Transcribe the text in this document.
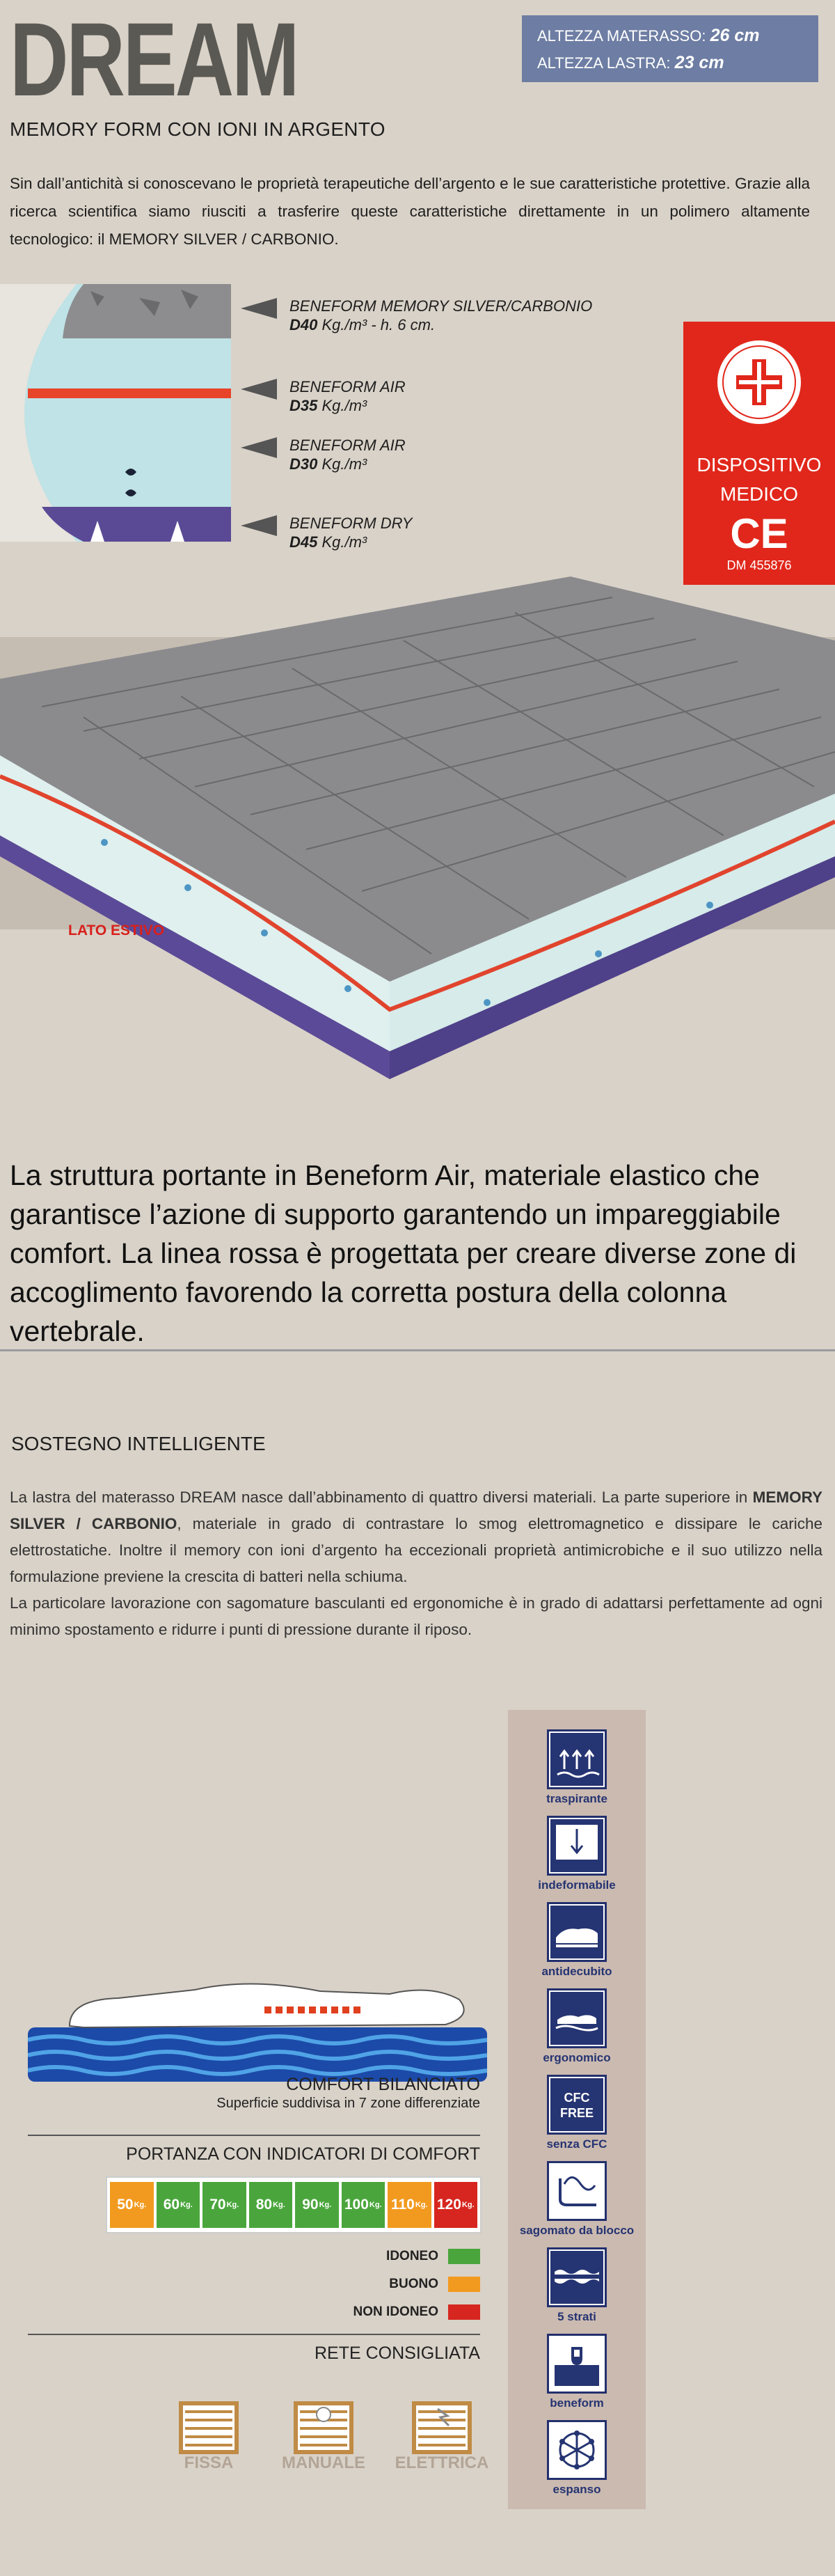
DREAM	ALTEZZA MATERASSO: 26 cm
ALTEZZA LASTRA: 23 cm
MEMORY FORM CON IONI IN ARGENTO
Sin dall’antichità si conoscevano le proprietà terapeutiche dell’argento e le sue caratteristiche protettive. Grazie alla ricerca scientifica siamo riusciti a trasferire queste caratteristiche direttamente in un polimero altamente tecnologico: il MEMORY SILVER / CARBONIO.
BENEFORM MEMORY SILVER/CARBONIO
D40 Kg./m³ - h. 6 cm.
BENEFORM AIR
D35 Kg./m³
BENEFORM AIR
D30 Kg./m³
BENEFORM DRY
D45 Kg./m³
DISPOSITIVO
MEDICO
CE
DM 455876
LATO ESTIVO
La struttura portante in Beneform Air, materiale elastico che garantisce l’azione di supporto garantendo un impareggiabile comfort. La linea rossa è progettata per creare diverse zone di accoglimento favorendo la corretta postura della colonna vertebrale.
SOSTEGNO INTELLIGENTE
La lastra del materasso DREAM nasce dall’abbinamento di quattro diversi materiali. La parte superiore in MEMORY SILVER / CARBONIO, materiale in grado di contrastare lo smog elettromagnetico e dissipare le cariche elettrostatiche. Inoltre il memory con ioni d’argento ha eccezionali proprietà antimicrobiche e il suo utilizzo nella formulazione previene la crescita di batteri nella schiuma.
La particolare lavorazione con sagomature basculanti ed ergonomiche è in grado di adattarsi perfettamente ad ogni minimo spostamento e ridurre i punti di pressione durante il riposo.
COMFORT BILANCIATO
Superficie suddivisa in 7 zone differenziate
PORTANZA CON INDICATORI DI COMFORT
50 Kg. 60 Kg. 70 Kg. 80 Kg. 90 Kg. 100 Kg. 110 Kg. 120 Kg.
IDONEO
BUONO
NON IDONEO
RETE CONSIGLIATA
FISSA	MANUALE	ELETTRICA
traspirante
indeformabile
antidecubito
ergonomico
CFC
FREE
senza CFC
sagomato da blocco
5 strati
beneform
espanso
